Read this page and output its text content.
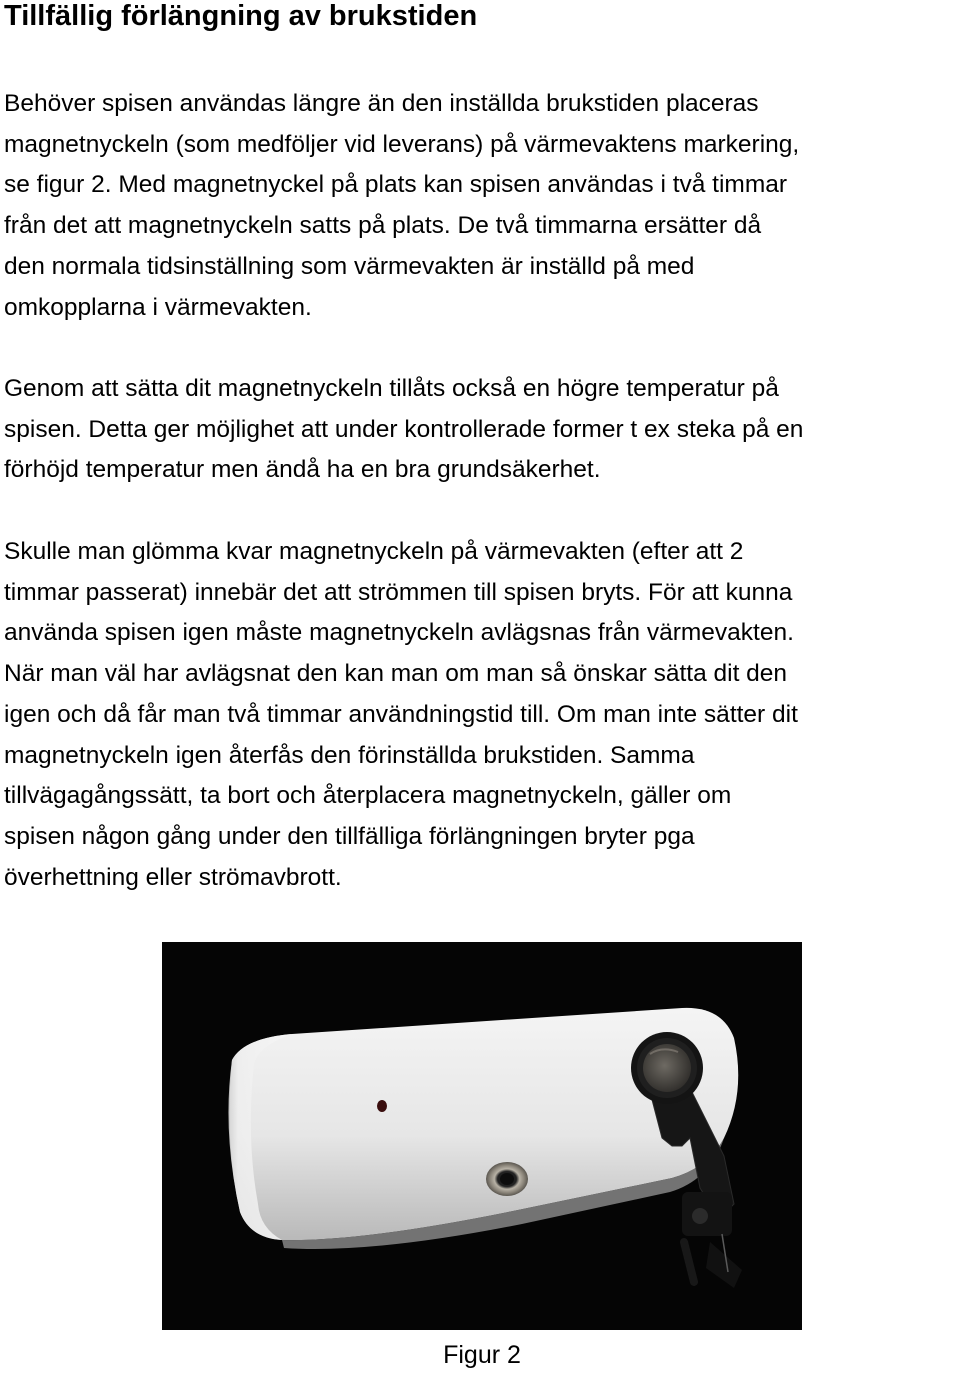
Tillfällig förlängning av brukstiden

Behöver spisen användas längre än den inställda brukstiden placeras
magnetnyckeln (som medföljer vid leverans) på värmevaktens markering,
se figur 2. Med magnetnyckel på plats kan spisen användas i två timmar
från det att magnetnyckeln satts på plats. De två timmarna ersätter då
den normala tidsinställning som värmevakten är inställd på med
omkopplarna i värmevakten.

Genom att sätta dit magnetnyckeln tillåts också en högre temperatur på
spisen. Detta ger möjlighet att under kontrollerade former t ex steka på en
förhöjd temperatur men ändå ha en bra grundsäkerhet.

Skulle man glömma kvar magnetnyckeln på värmevakten (efter att 2
timmar passerat) innebär det att strömmen till spisen bryts. För att kunna
använda spisen igen måste magnetnyckeln avlägsnas från värmevakten.
När man väl har avlägsnat den kan man om man så önskar sätta dit den
igen och då får man två timmar användningstid till. Om man inte sätter dit
magnetnyckeln igen återfås den förinställda brukstiden. Samma
tillvägagångssätt, ta bort och återplacera magnetnyckeln, gäller om
spisen någon gång under den tillfälliga förlängningen bryter pga
överhettning eller strömavbrott.

Figur 2
